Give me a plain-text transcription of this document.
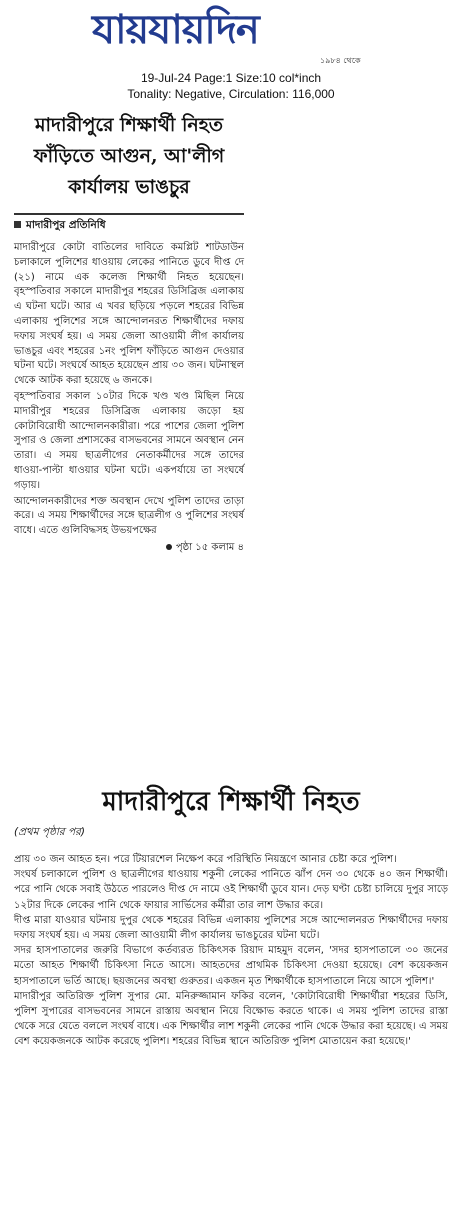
যায়যায়দিন
১৯৮৪ থেকে
19-Jul-24 Page:1 Size:10 col*inch
Tonality: Negative, Circulation: 116,000
মাদারীপুরে শিক্ষার্থী নিহত
ফাঁড়িতে আগুন, আ'লীগ
কার্যালয় ভাঙচুর
মাদারীপুর প্রতিনিধি

মাদারীপুরে কোটা বাতিলের দাবিতে কমপ্লিট শাটডাউন চলাকালে পুলিশের ধাওয়ায় লেকের পানিতে ডুবে দীপ্ত দে (২১) নামে এক কলেজ শিক্ষার্থী নিহত হয়েছেন। বৃহস্পতিবার সকালে মাদারীপুর শহরের ডিসিব্রিজ এলাকায় এ ঘটনা ঘটে। আর এ খবর ছড়িয়ে পড়লে শহরের বিভিন্ন এলাকায় পুলিশের সঙ্গে আন্দোলনরত শিক্ষার্থীদের দফায় দফায় সংঘর্ষ হয়। এ সময় জেলা আওয়ামী লীগ কার্যালয় ভাঙচুর এবং শহরের ১নং পুলিশ ফাঁড়িতে আগুন দেওয়ার ঘটনা ঘটে। সংঘর্ষে আহত হয়েছেন প্রায় ৩০ জন। ঘটনাস্থল থেকে আটক করা হয়েছে ৬ জনকে।

বৃহস্পতিবার সকাল ১০টার দিকে খণ্ড খণ্ড মিছিল নিয়ে মাদারীপুর শহরের ডিসিব্রিজ এলাকায় জড়ো হয় কোটাবিরোধী আন্দোলনকারীরা। পরে পাশের জেলা পুলিশ সুপার ও জেলা প্রশাসকের বাসভবনের সামনে অবস্থান নেন তারা। এ সময় ছাত্রলীগের নেতাকর্মীদের সঙ্গে তাদের ধাওয়া-পাল্টা ধাওয়ার ঘটনা ঘটে। একপর্যায়ে তা সংঘর্ষে গড়ায়।

আন্দোলনকারীদের শক্ত অবস্থান দেখে পুলিশ তাদের তাড়া করে। এ সময় শিক্ষার্থীদের সঙ্গে ছাত্রলীগ ও পুলিশের সংঘর্ষ বাধে। এতে গুলিবিদ্ধসহ উভয়পক্ষের

পৃষ্ঠা ১৫ কলাম ৪
মাদারীপুরে শিক্ষার্থী নিহত
(প্রথম পৃষ্ঠার পর)

প্রায় ৩০ জন আহত হন। পরে টিয়ারশেল নিক্ষেপ করে পরিস্থিতি নিয়ন্ত্রণে আনার চেষ্টা করে পুলিশ।

সংঘর্ষ চলাকালে পুলিশ ও ছাত্রলীগের ধাওয়ায় শকুনী লেকের পানিতে ঝাঁপ দেন ৩০ থেকে ৪০ জন শিক্ষার্থী। পরে পানি থেকে সবাই উঠতে পারলেও দীপ্ত দে নামে ওই শিক্ষার্থী ডুবে যান। দেড় ঘণ্টা চেষ্টা চালিয়ে দুপুর সাড়ে ১২টার দিকে লেকের পানি থেকে ফায়ার সার্ভিসের কর্মীরা তার লাশ উদ্ধার করে।

দীপ্ত মারা যাওয়ার ঘটনায় দুপুর থেকে শহরের বিভিন্ন এলাকায় পুলিশের সঙ্গে আন্দোলনরত শিক্ষার্থীদের দফায় দফায় সংঘর্ষ হয়। এ সময় জেলা আওয়ামী লীগ কার্যালয় ভাঙচুরের ঘটনা ঘটে।

সদর হাসপাতালের জরুরি বিভাগে কর্তব্যরত চিকিৎসক রিয়াদ মাহমুদ বলেন, 'সদর হাসপাতালে ৩০ জনের মতো আহত শিক্ষার্থী চিকিৎসা নিতে আসে। আহতদের প্রাথমিক চিকিৎসা দেওয়া হয়েছে। বেশ কয়েকজন হাসপাতালে ভর্তি আছে। ছয়জনের অবস্থা গুরুতর। একজন মৃত শিক্ষার্থীকে হাসপাতালে নিয়ে আসে পুলিশ।'

মাদারীপুর অতিরিক্ত পুলিশ সুপার মো. মনিরুজ্জামান ফকির বলেন, 'কোটাবিরোধী শিক্ষার্থীরা শহরের ডিসি, পুলিশ সুপারের বাসভবনের সামনে রাস্তায় অবস্থান নিয়ে বিক্ষোভ করতে থাকে। এ সময় পুলিশ তাদের রাস্তা থেকে সরে যেতে বললে সংঘর্ষ বাধে। এক শিক্ষার্থীর লাশ শকুনী লেকের পানি থেকে উদ্ধার করা হয়েছে। এ সময় বেশ কয়েকজনকে আটক করেছে পুলিশ। শহরের বিভিন্ন স্থানে অতিরিক্ত পুলিশ মোতায়েন করা হয়েছে।'
